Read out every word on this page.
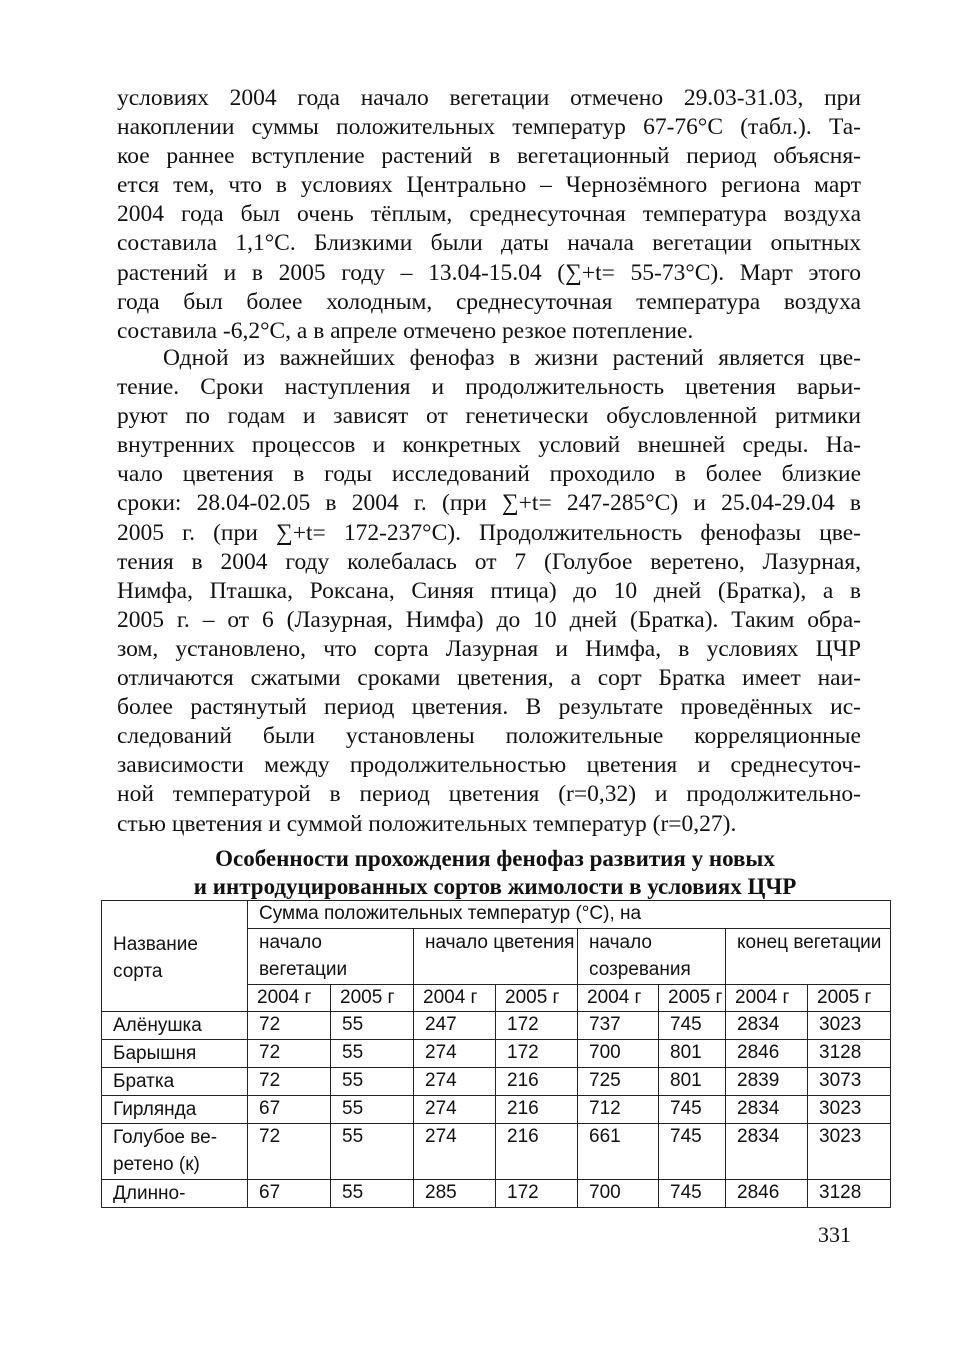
условиях 2004 года начало вегетации отмечено 29.03-31.03, при
накоплении суммы положительных температур 67-76°С (табл.). Та-
кое раннее вступление растений в вегетационный период объясня-
ется тем, что в условиях Центрально – Чернозёмного региона март
2004 года был очень тёплым, среднесуточная температура воздуха
составила 1,1°С. Близкими были даты начала вегетации опытных
растений и в 2005 году – 13.04-15.04 (∑+t= 55-73°С). Март этого
года был более холодным, среднесуточная температура воздуха
составила -6,2°С, а в апреле отмечено резкое потепление.
Одной из важнейших фенофаз в жизни растений является цве-
тение. Сроки наступления и продолжительность цветения варьи-
руют по годам и зависят от генетически обусловленной ритмики
внутренних процессов и конкретных условий внешней среды. На-
чало цветения в годы исследований проходило в более близкие
сроки: 28.04-02.05 в 2004 г. (при ∑+t= 247-285°С) и 25.04-29.04 в
2005 г. (при ∑+t= 172-237°С). Продолжительность фенофазы цве-
тения в 2004 году колебалась от 7 (Голубое веретено, Лазурная,
Нимфа, Пташка, Роксана, Синяя птица) до 10 дней (Братка), а в
2005 г. – от 6 (Лазурная, Нимфа) до 10 дней (Братка). Таким обра-
зом, установлено, что сорта Лазурная и Нимфа, в условиях ЦЧР
отличаются сжатыми сроками цветения, а сорт Братка имеет наи-
более растянутый период цветения. В результате проведённых ис-
следований были установлены положительные корреляционные
зависимости между продолжительностью цветения и среднесуточ-
ной температурой в период цветения (r=0,32) и продолжительно-
стью цветения и суммой положительных температур (r=0,27).
Особенности прохождения фенофаз развития у новых
и интродуцированных сортов жимолости в условиях ЦЧР
Название сорта	Сумма положительных температур (°С), на							
	начало вегетации		начало цветения		начало созревания		конец вегетации	
	2004 г	2005 г	2004 г	2005 г	2004 г	2005 г	2004 г	2005 г
Алёнушка	72	55	247	172	737	745	2834	3023
Барышня	72	55	274	172	700	801	2846	3128
Братка	72	55	274	216	725	801	2839	3073
Гирлянда	67	55	274	216	712	745	2834	3023
Голубое ве-ретено (к)	72	55	274	216	661	745	2834	3023
Длинно-	67	55	285	172	700	745	2846	3128
331
